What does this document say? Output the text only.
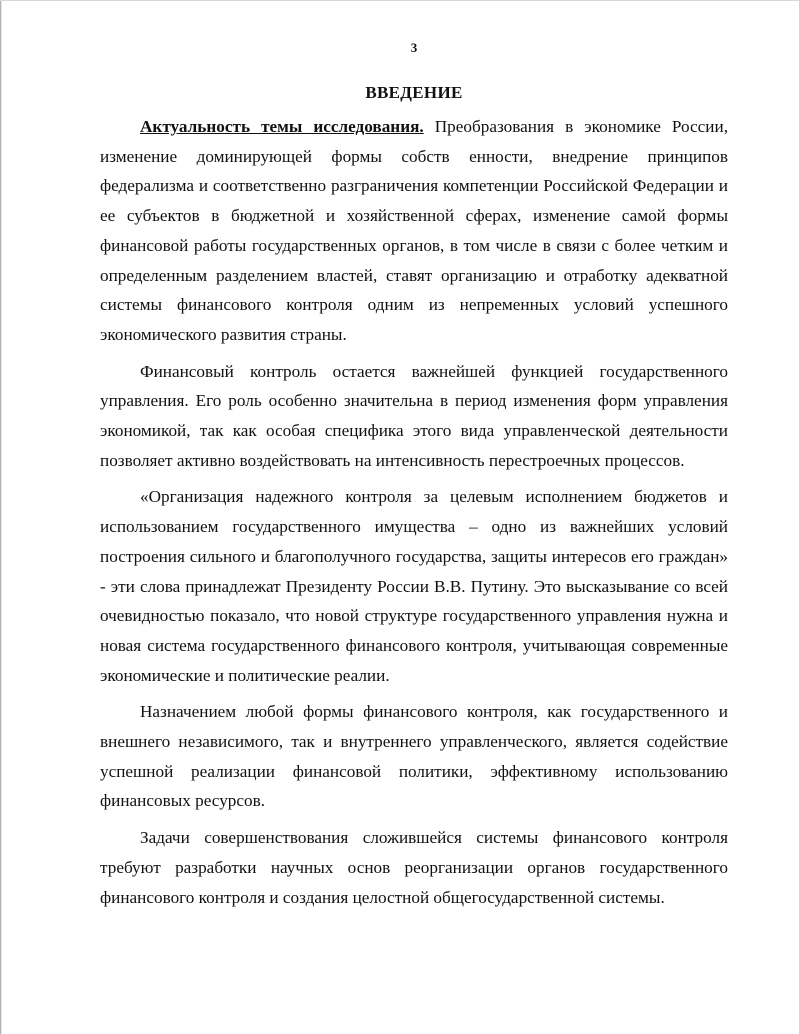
3
ВВЕДЕНИЕ

Актуальность темы исследования. Преобразования в экономике России, изменение доминирующей формы собств енности, внедрение принципов федерализма и соответственно разграничения компетенции Российской Федерации и ее субъектов в бюджетной и хозяйственной сферах, изменение самой формы финансовой работы государственных органов, в том числе в связи с более четким и определенным разделением властей, ставят организацию и отработку адекватной системы финансового контроля одним из непременных условий успешного экономического развития страны.

Финансовый контроль остается важнейшей функцией государственного управления. Его роль особенно значительна в период изменения форм управления экономикой, так как особая специфика этого вида управленческой деятельности позволяет активно воздействовать на интенсивность перестроечных процессов.

«Организация надежного контроля за целевым исполнением бюджетов и использованием государственного имущества – одно из важнейших условий построения сильного и благополучного государства, защиты интересов его граждан» - эти слова принадлежат Президенту России В.В. Путину. Это высказывание со всей очевидностью показало, что новой структуре государственного управления нужна и новая система государственного финансового контроля, учитывающая современные экономические и политические реалии.

Назначением любой формы финансового контроля, как государственного и внешнего независимого, так и внутреннего управленческого, является содействие успешной реализации финансовой политики, эффективному использованию финансовых ресурсов.

Задачи совершенствования сложившейся системы финансового контроля требуют разработки научных основ реорганизации органов государственного финансового контроля и создания целостной общегосударственной системы.
